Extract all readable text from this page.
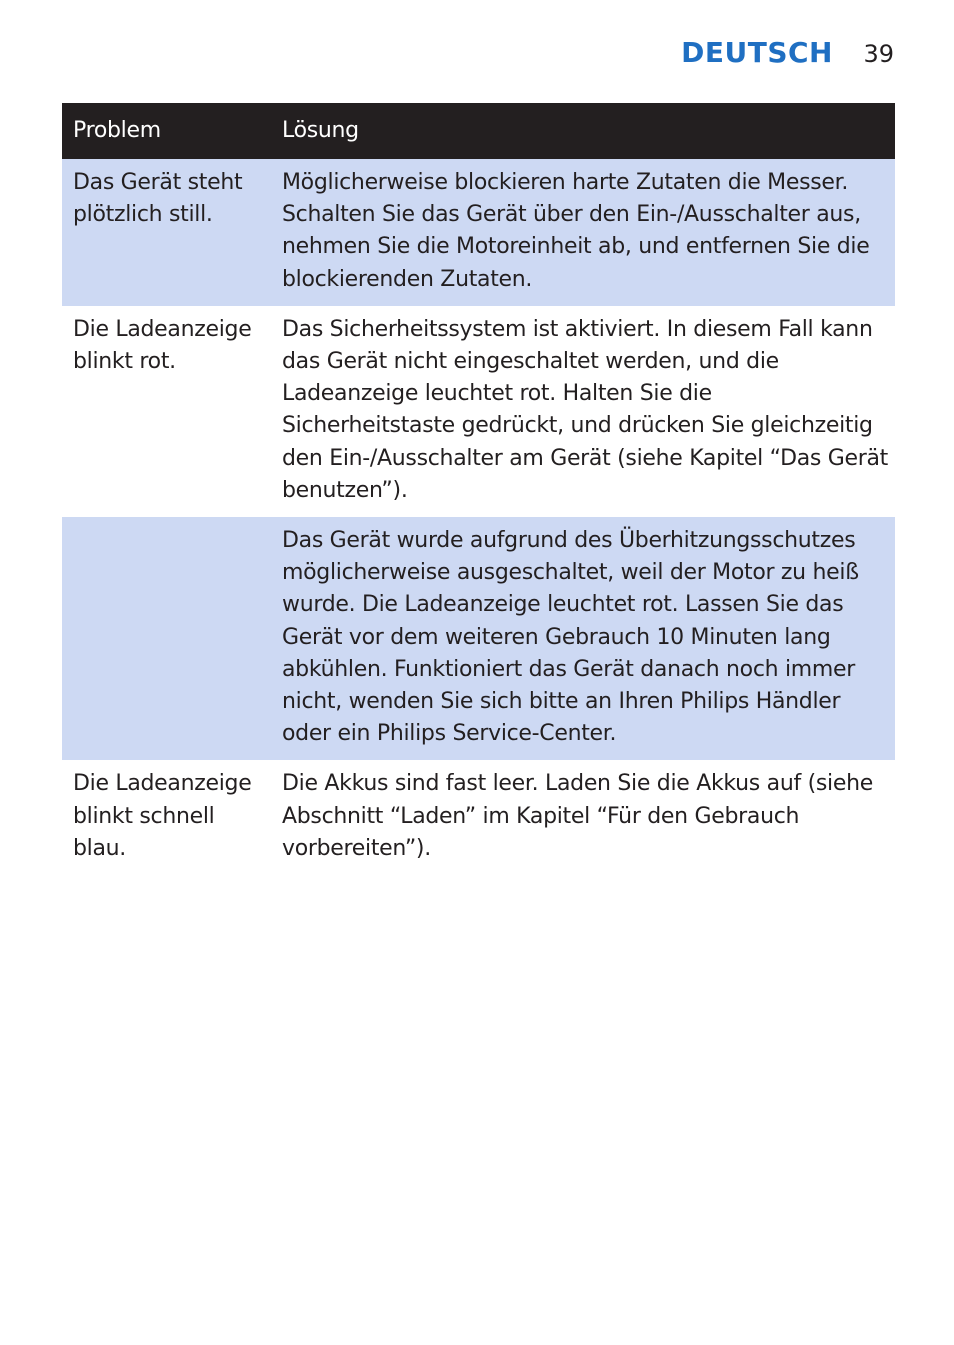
DEUTSCH 39
Problem	Lösung
Das Gerät steht plötzlich still.	Möglicherweise blockieren harte Zutaten die Messer. Schalten Sie das Gerät über den Ein-/Ausschalter aus, nehmen Sie die Motoreinheit ab, und entfernen Sie die blockierenden Zutaten.
Die Ladeanzeige blinkt rot.	Das Sicherheitssystem ist aktiviert. In diesem Fall kann das Gerät nicht eingeschaltet werden, und die Ladeanzeige leuchtet rot. Halten Sie die Sicherheitstaste gedrückt, und drücken Sie gleichzeitig den Ein-/Ausschalter am Gerät (siehe Kapitel “Das Gerät benutzen”).
	Das Gerät wurde aufgrund des Überhitzungsschutzes möglicherweise ausgeschaltet, weil der Motor zu heiß wurde. Die Ladeanzeige leuchtet rot. Lassen Sie das Gerät vor dem weiteren Gebrauch 10 Minuten lang abkühlen. Funktioniert das Gerät danach noch immer nicht, wenden Sie sich bitte an Ihren Philips Händler oder ein Philips Service-Center.
Die Ladeanzeige blinkt schnell blau.	Die Akkus sind fast leer. Laden Sie die Akkus auf (siehe Abschnitt “Laden” im Kapitel “Für den Gebrauch vorbereiten”).
